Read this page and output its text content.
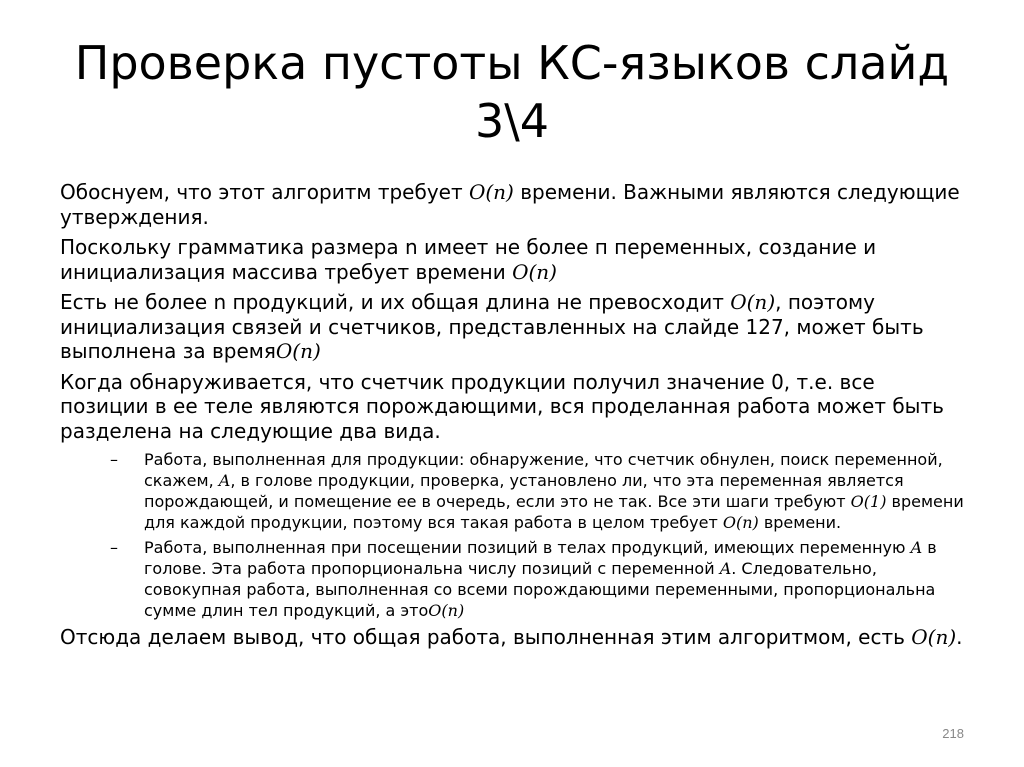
Проверка пустоты КС-языков слайд 3\4

Обоснуем, что этот алгоритм требует O(n) времени. Важными являются следующие утверждения.

Поскольку грамматика размера n имеет не более п переменных, создание и инициализация массива требует времени O(n)

Есть не более n продукций, и их общая длина не превосходит O(n), поэтому инициализация связей и счетчиков, представленных на слайде 127, может быть выполнена за времяO(n)

Когда обнаруживается, что счетчик продукции получил значение 0, т.е. все позиции в ее теле являются порождающими, вся проделанная работа может быть разделена на следующие два вида.

– Работа, выполненная для продукции: обнаружение, что счетчик обнулен, поиск переменной, скажем, A, в голове продукции, проверка, установлено ли, что эта переменная является порождающей, и помещение ее в очередь, если это не так. Все эти шаги требуют O(1) времени для каждой продукции, поэтому вся такая работа в целом требует O(n) времени.
– Работа, выполненная при посещении позиций в телах продукций, имеющих переменную A в голове. Эта работа пропорциональна числу позиций с переменной A. Следовательно, совокупная работа, выполненная со всеми порождающими переменными, пропорциональна сумме длин тел продукций, а этоO(n)

Отсюда делаем вывод, что общая работа, выполненная этим алгоритмом, есть O(n).

218
